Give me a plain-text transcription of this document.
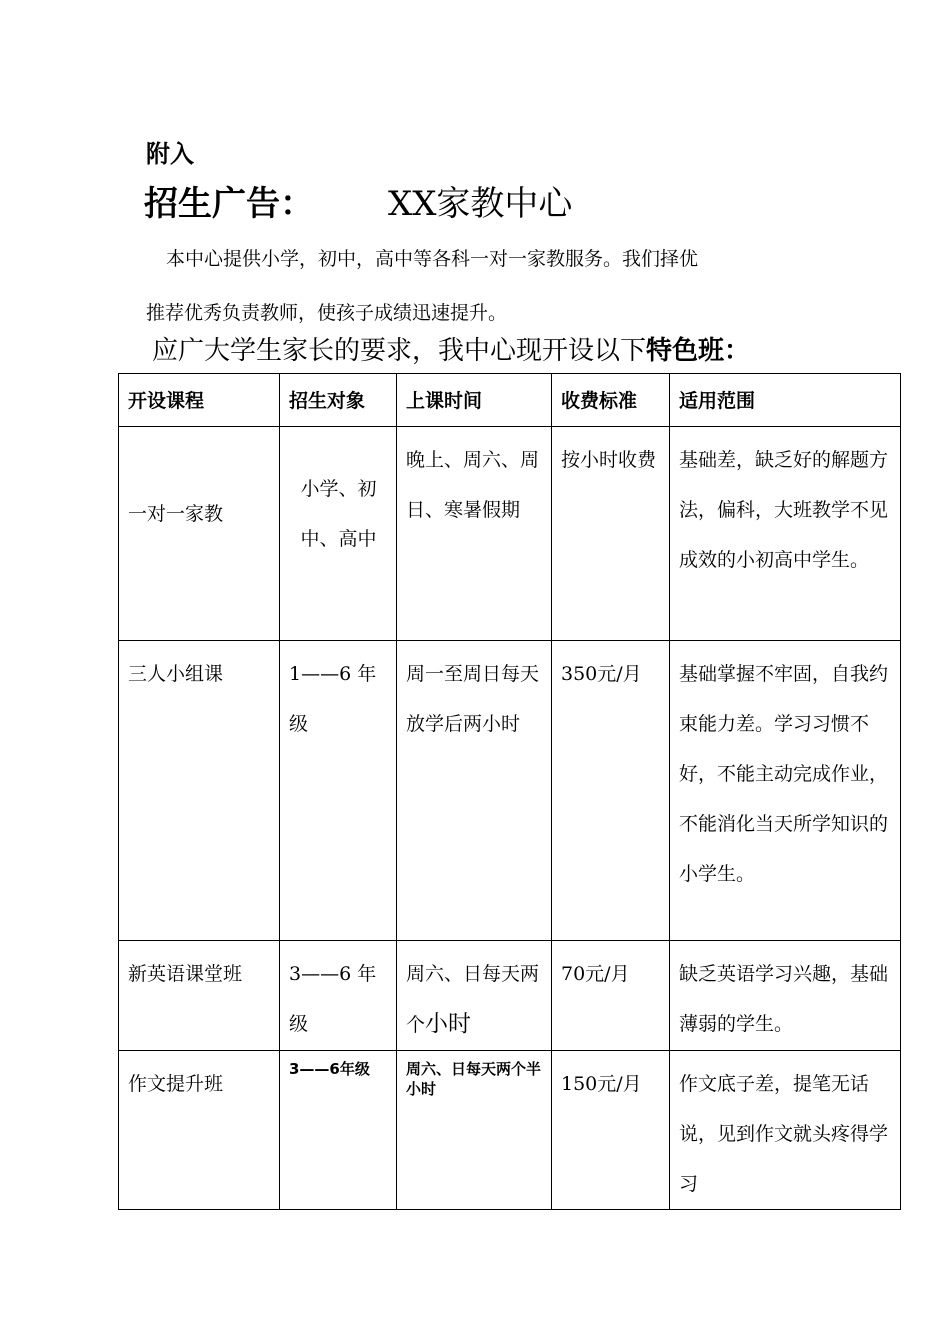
附入
招生广告： XX家教中心
本中心提供小学，初中，高中等各科一对一家教服务。我们择优
推荐优秀负责教师，使孩子成绩迅速提升。
应广大学生家长的要求，我中心现开设以下特色班：
开设课程	招生对象	上课时间	收费标准	适用范围
一对一家教	小学、初中、高中	晚上、周六、周日、寒暑假期	按小时收费	基础差，缺乏好的解题方法，偏科，大班教学不见成效的小初高中学生。
三人小组课	1——6 年级	周一至周日每天放学后两小时	350元/月	基础掌握不牢固，自我约束能力差。学习习惯不好，不能主动完成作业，不能消化当天所学知识的小学生。
新英语课堂班	3——6 年级	周六、日每天两个小时	70元/月	缺乏英语学习兴趣，基础薄弱的学生。
作文提升班	3——6年级	周六、日每天两个半小时	150元/月	作文底子差，提笔无话说，见到作文就头疼得学习
